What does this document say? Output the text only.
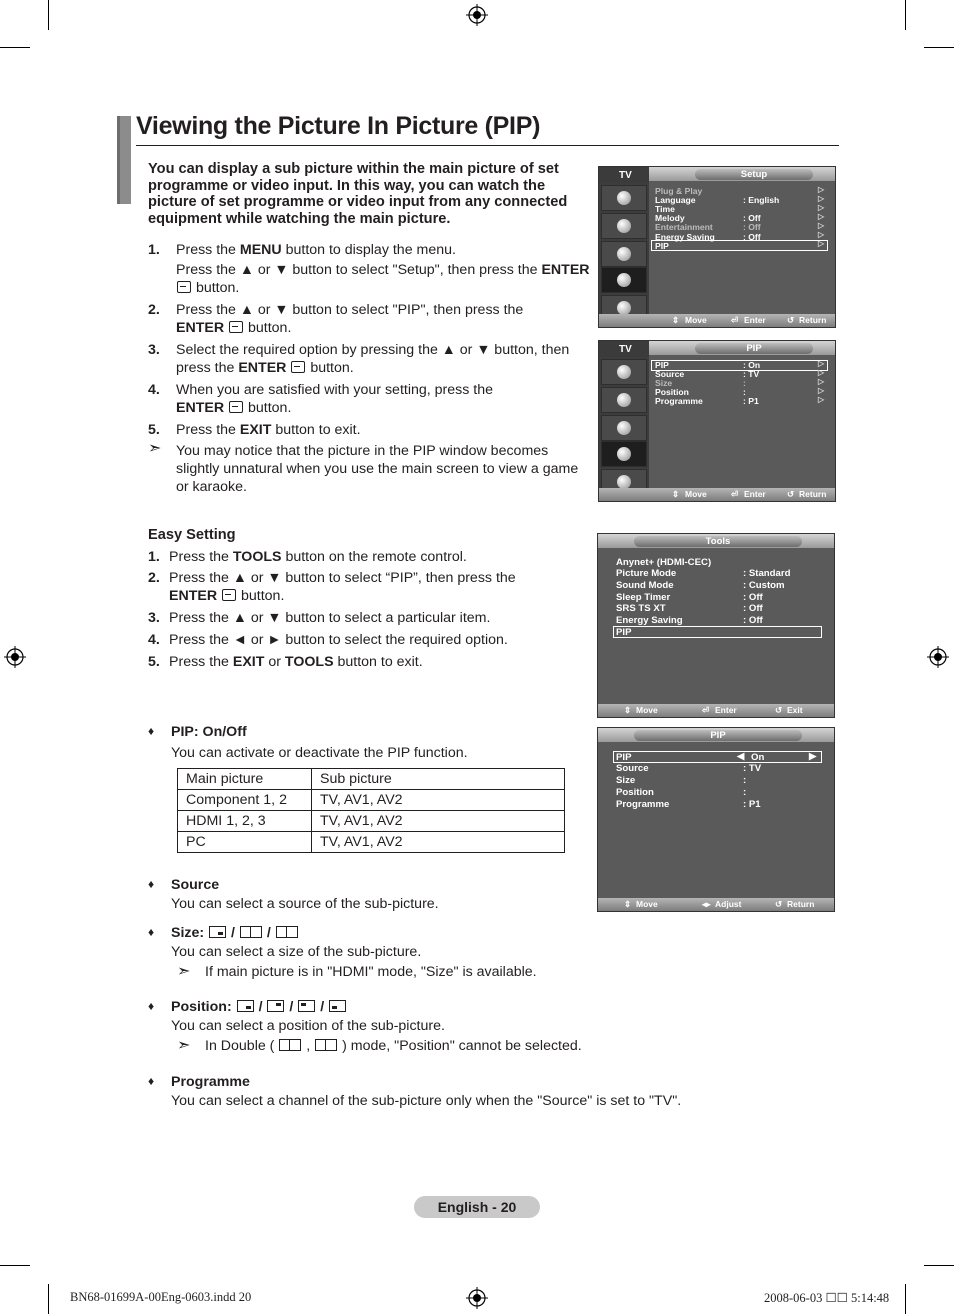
Viewing the Picture In Picture (PIP)
You can display a sub picture within the main picture of set programme or video input. In this way, you can watch the picture of set programme or video input from any connected equipment while watching the main picture.
1. Press the MENU button to display the menu.
Press the ▲ or ▼ button to select "Setup", then press the ENTER  button.
2. Press the ▲ or ▼ button to select "PIP", then press the
ENTER button.
3. Select the required option by pressing the ▲ or ▼ button, then press the ENTER button.
4. When you are satisfied with your setting, press the
ENTER button.
5. Press the EXIT button to exit.
➣ You may notice that the picture in the PIP window becomes slightly unnatural when you use the main screen to view a game or karaoke.
Easy Setting
1. Press the TOOLS button on the remote control.
2. Press the ▲ or ▼ button to select “PIP”, then press the
ENTER button.
3. Press the ▲ or ▼ button to select a particular item.
4. Press the ◄ or ► button to select the required option.
5. Press the EXIT or TOOLS button to exit.
♦ PIP: On/Off
You can activate or deactivate the PIP function.
Main picture	Sub picture
Component 1, 2	TV, AV1, AV2
HDMI 1, 2, 3	TV, AV1, AV2
PC	TV, AV1, AV2
♦ Source
You can select a source of the sub-picture.
♦ Size:
/  /
You can select a size of the sub-picture.
➣ If main picture is in "HDMI" mode, "Size" is available.
♦ Position:
/
/
/
You can select a position of the sub-picture.
➣ In Double (  ,  ) mode, "Position" cannot be selected.
♦ Programme
You can select a channel of the sub-picture only when the "Source" is set to "TV".
Setup
TV
Plug & Play
Language	: English
Time
Melody	: Off
Entertainment	: Off
Energy Saving	: Off
PIP
▷
▷
▷
▷
▷
▷
▷
⇕ Move	⏎ Enter	↺ Return
PIP
TV
PIP	: On
Source	: TV
Size	:
Position	:
Programme	: P1
▷
▷
▷
▷
▷
⇕ Move	⏎ Enter	↺ Return
Tools
Anynet+ (HDMI-CEC)
Picture Mode	: Standard
Sound Mode	: Custom
Sleep Timer	: Off
SRS TS XT	: Off
Energy Saving	: Off
PIP
⇕ Move	⏎ Enter	↺ Exit
PIP
PIP	◀ On	▶
Source	: TV
Size	:
Position	:
Programme	: P1
⇕ Move	◂▸ Adjust	↺ Return
English - 20
BN68-01699A-00Eng-0603.indd 20	2008-06-03 ☐☐ 5:14:48
